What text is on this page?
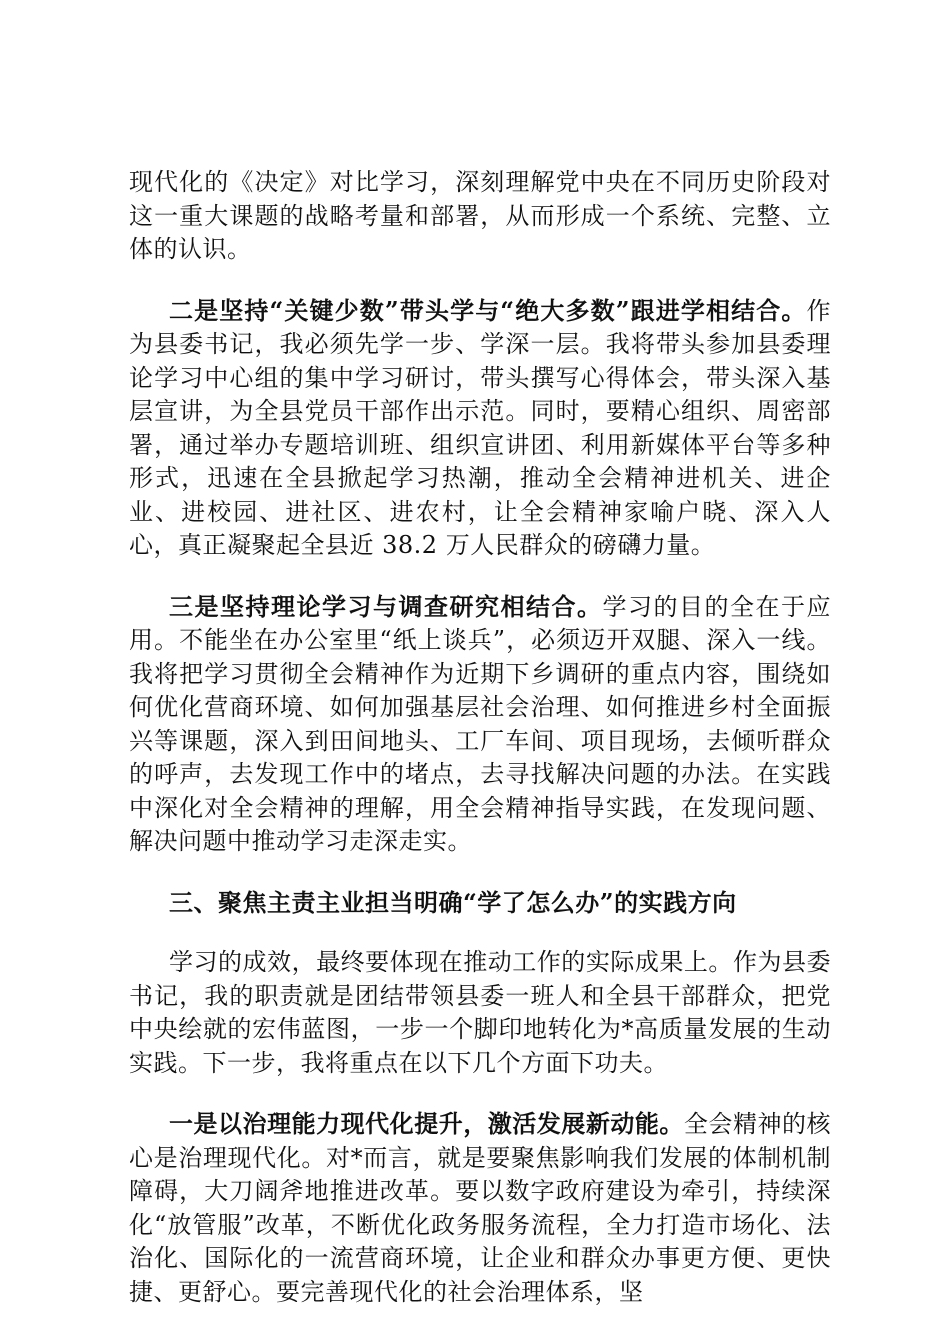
现代化的《决定》对比学习，深刻理解党中央在不同历史阶段对这一重大课题的战略考量和部署，从而形成一个系统、完整、立体的认识。

二是坚持“关键少数”带头学与“绝大多数”跟进学相结合。作为县委书记，我必须先学一步、学深一层。我将带头参加县委理论学习中心组的集中学习研讨，带头撰写心得体会，带头深入基层宣讲，为全县党员干部作出示范。同时，要精心组织、周密部署，通过举办专题培训班、组织宣讲团、利用新媒体平台等多种形式，迅速在全县掀起学习热潮，推动全会精神进机关、进企业、进校园、进社区、进农村，让全会精神家喻户晓、深入人心，真正凝聚起全县近 38.2 万人民群众的磅礴力量。

三是坚持理论学习与调查研究相结合。学习的目的全在于应用。不能坐在办公室里“纸上谈兵”，必须迈开双腿、深入一线。我将把学习贯彻全会精神作为近期下乡调研的重点内容，围绕如何优化营商环境、如何加强基层社会治理、如何推进乡村全面振兴等课题，深入到田间地头、工厂车间、项目现场，去倾听群众的呼声，去发现工作中的堵点，去寻找解决问题的办法。在实践中深化对全会精神的理解，用全会精神指导实践，在发现问题、解决问题中推动学习走深走实。

三、聚焦主责主业担当明确“学了怎么办”的实践方向

学习的成效，最终要体现在推动工作的实际成果上。作为县委书记，我的职责就是团结带领县委一班人和全县干部群众，把党中央绘就的宏伟蓝图，一步一个脚印地转化为*高质量发展的生动实践。下一步，我将重点在以下几个方面下功夫。

一是以治理能力现代化提升，激活发展新动能。全会精神的核心是治理现代化。对*而言，就是要聚焦影响我们发展的体制机制障碍，大刀阔斧地推进改革。要以数字政府建设为牵引，持续深化“放管服”改革，不断优化政务服务流程，全力打造市场化、法治化、国际化的一流营商环境，让企业和群众办事更方便、更快捷、更舒心。要完善现代化的社会治理体系，坚
